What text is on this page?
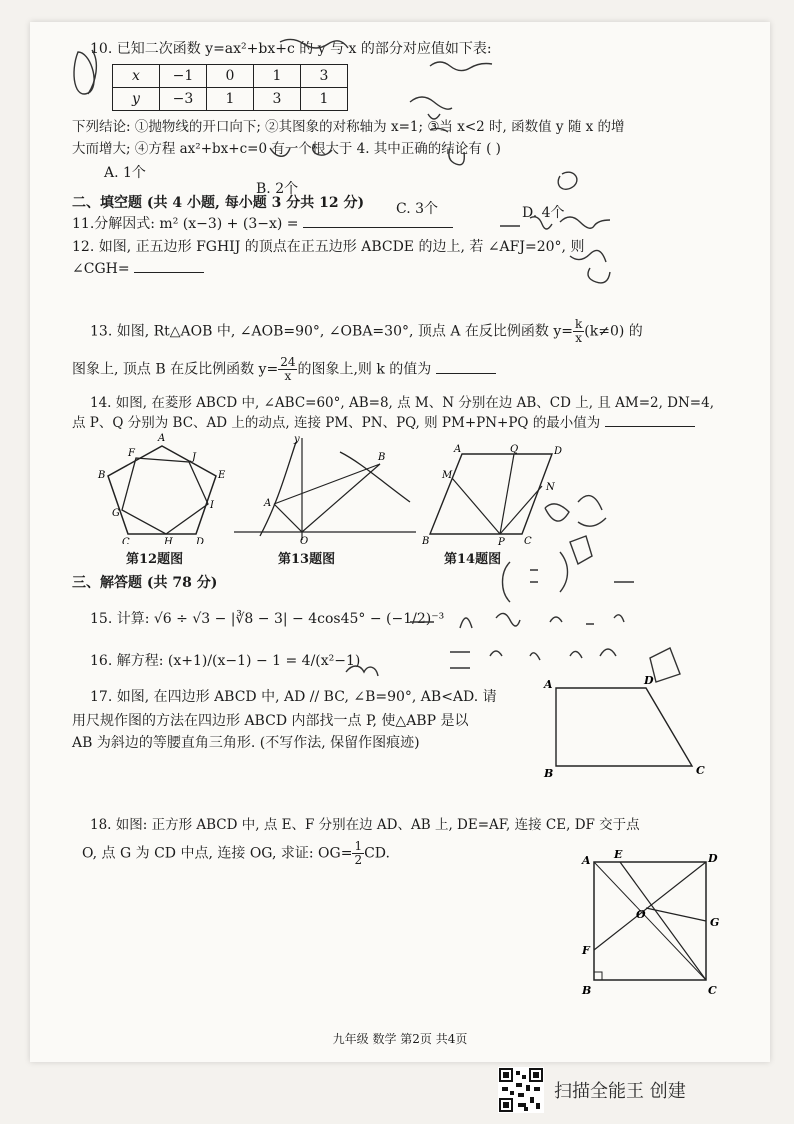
10. 已知二次函数 y=ax²+bx+c 的 y 与 x 的部分对应值如下表:
x	−1	0	1	3
y	−3	1	3	1
下列结论: ①抛物线的开口向下; ②其图象的对称轴为 x=1; ③当 x<2 时, 函数值 y 随 x 的增
大而增大; ④方程 ax²+bx+c=0 有一个根大于 4. 其中正确的结论有 ( )
A. 1个
B. 2个
C. 3个	D. 4个
二、填空题 (共 4 小题, 每小题 3 分共 12 分)
11.分解因式: m² (x−3) + (3−x) =
12. 如图, 正五边形 FGHIJ 的顶点在正五边形 ABCDE 的边上, 若 ∠AFJ=20°, 则
∠CGH=
13. 如图, Rt△AOB 中, ∠AOB=90°, ∠OBA=30°, 顶点 A 在反比例函数 $y= \frac{k}{x} (k\ne 0)$ 的
图象上, 顶点 B 在反比例函数 $y= \frac{24}{x}$ 的图象上,则 k 的值为
14. 如图, 在菱形 ABCD 中, ∠ABC=60°, AB=8, 点 M、N 分别在边 AB、CD 上, 且 AM=2, DN=4,
点 P、Q 分别为 BC、AD 上的动点, 连接 PM、PN、PQ, 则 PM+PN+PQ 的最小值为
A
B
C	D
E
F
G
H
I
J
第12题图
y
A
B
O
第13题图
A
B	C
D
M
N
P
Q
第14题图
三、解答题 (共 78 分)
15. 计算: √6 ÷ √3 − |∛8 − 3| − 4cos45° − (−1/2)⁻³
16. 解方程: (x+1)/(x−1) − 1 = 4/(x²−1)
17. 如图, 在四边形 ABCD 中, AD // BC, ∠B=90°, AB<AD. 请
用尺规作图的方法在四边形 ABCD 内部找一点 P, 使△ABP 是以
AB 为斜边的等腰直角三角形. (不写作法, 保留作图痕迹)
A	D
B	C
18. 如图: 正方形 ABCD 中, 点 E、F 分别在边 AD、AB 上, DE=AF, 连接 CE, DF 交于点
O, 点 G 为 CD 中点, 连接 OG, 求证: $OG= \frac{1}{2}$ CD.	A E	D
O
G
F
B	C
九年级 数学 第2页 共4页
扫描全能王 创建
